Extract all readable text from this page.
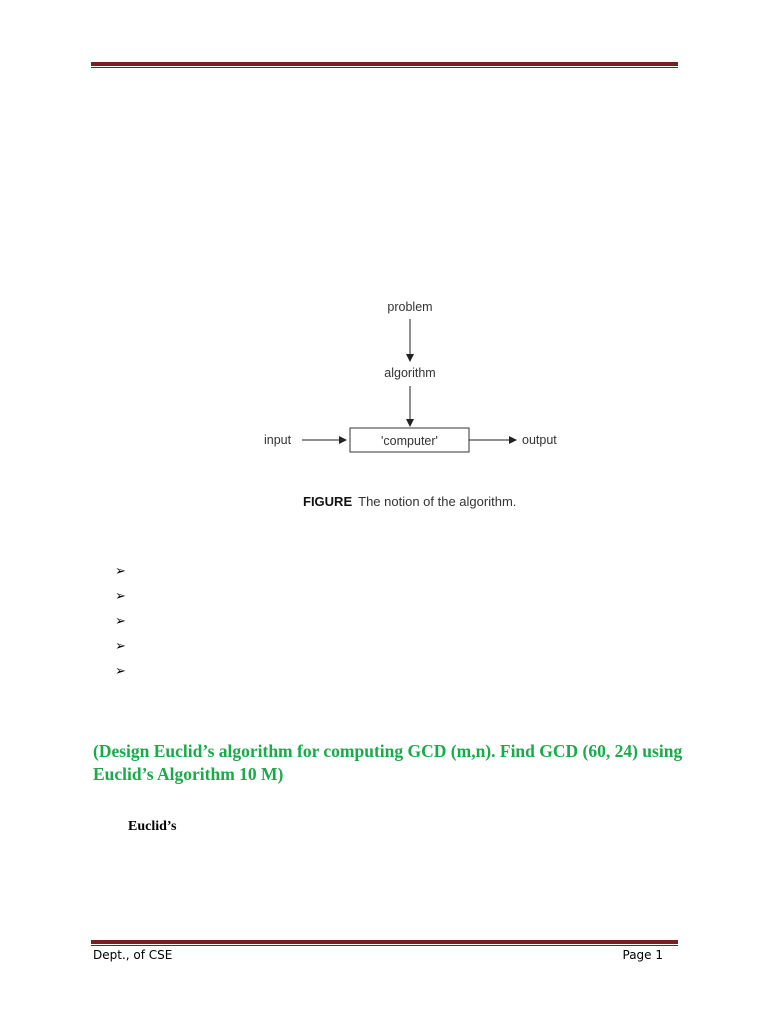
problem
algorithm
input	'computer'	output
FIGURE The notion of the algorithm.
➢
➢
➢
➢
➢
(Design Euclid’s algorithm for computing GCD (m,n). Find GCD (60, 24) using Euclid’s Algorithm 10 M)
Euclid’s
Dept., of CSE	Page 1
